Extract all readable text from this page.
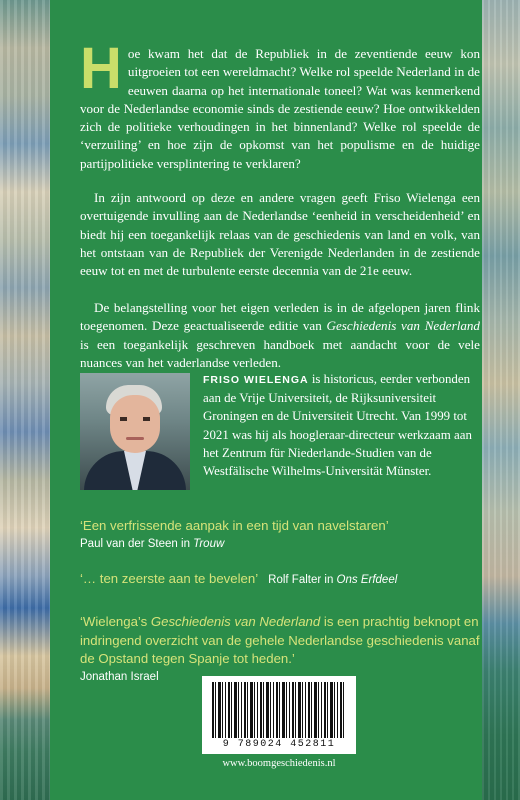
Hoe kwam het dat de Republiek in de zeventiende eeuw kon uitgroeien tot een wereldmacht? Welke rol speelde Nederland in de eeuwen daarna op het internationale toneel? Wat was kenmerkend voor de Nederlandse economie sinds de zestiende eeuw? Hoe ontwikkelden zich de politieke verhoudingen in het binnenland? Welke rol speelde de ‘verzuiling’ en hoe zijn de opkomst van het populisme en de huidige partijpolitieke versplintering te verklaren?

In zijn antwoord op deze en andere vragen geeft Friso Wielenga een overtuigende invulling aan de Nederlandse ‘eenheid in verscheidenheid’ en biedt hij een toegankelijk relaas van de geschiedenis van land en volk, van het ontstaan van de Republiek der Verenigde Nederlanden in de zestiende eeuw tot en met de turbulente eerste decennia van de 21e eeuw.

De belangstelling voor het eigen verleden is in de afgelopen jaren flink toegenomen. Deze geactualiseerde editie van Geschiedenis van Nederland is een toegankelijk geschreven handboek met aandacht voor de vele nuances van het vaderlandse verleden.

FRISO WIELENGA is historicus, eerder verbonden aan de Vrije Universiteit, de Rijksuniversiteit Groningen en de Universiteit Utrecht. Van 1999 tot 2021 was hij als hoogleraar-directeur werkzaam aan het Zentrum für Niederlande-Studien van de Westfälische Wilhelms-Universität Münster.

‘Een verfrissende aanpak in een tijd van navelstaren’
Paul van der Steen in Trouw
‘… ten zeerste aan te bevelen’ Rolf Falter in Ons Erfdeel
‘Wielenga’s Geschiedenis van Nederland is een prachtig beknopt en indringend overzicht van de gehele Nederlandse geschiedenis vanaf de Opstand tegen Spanje tot heden.’
Jonathan Israel
9 789024 452811
www.boomgeschiedenis.nl
